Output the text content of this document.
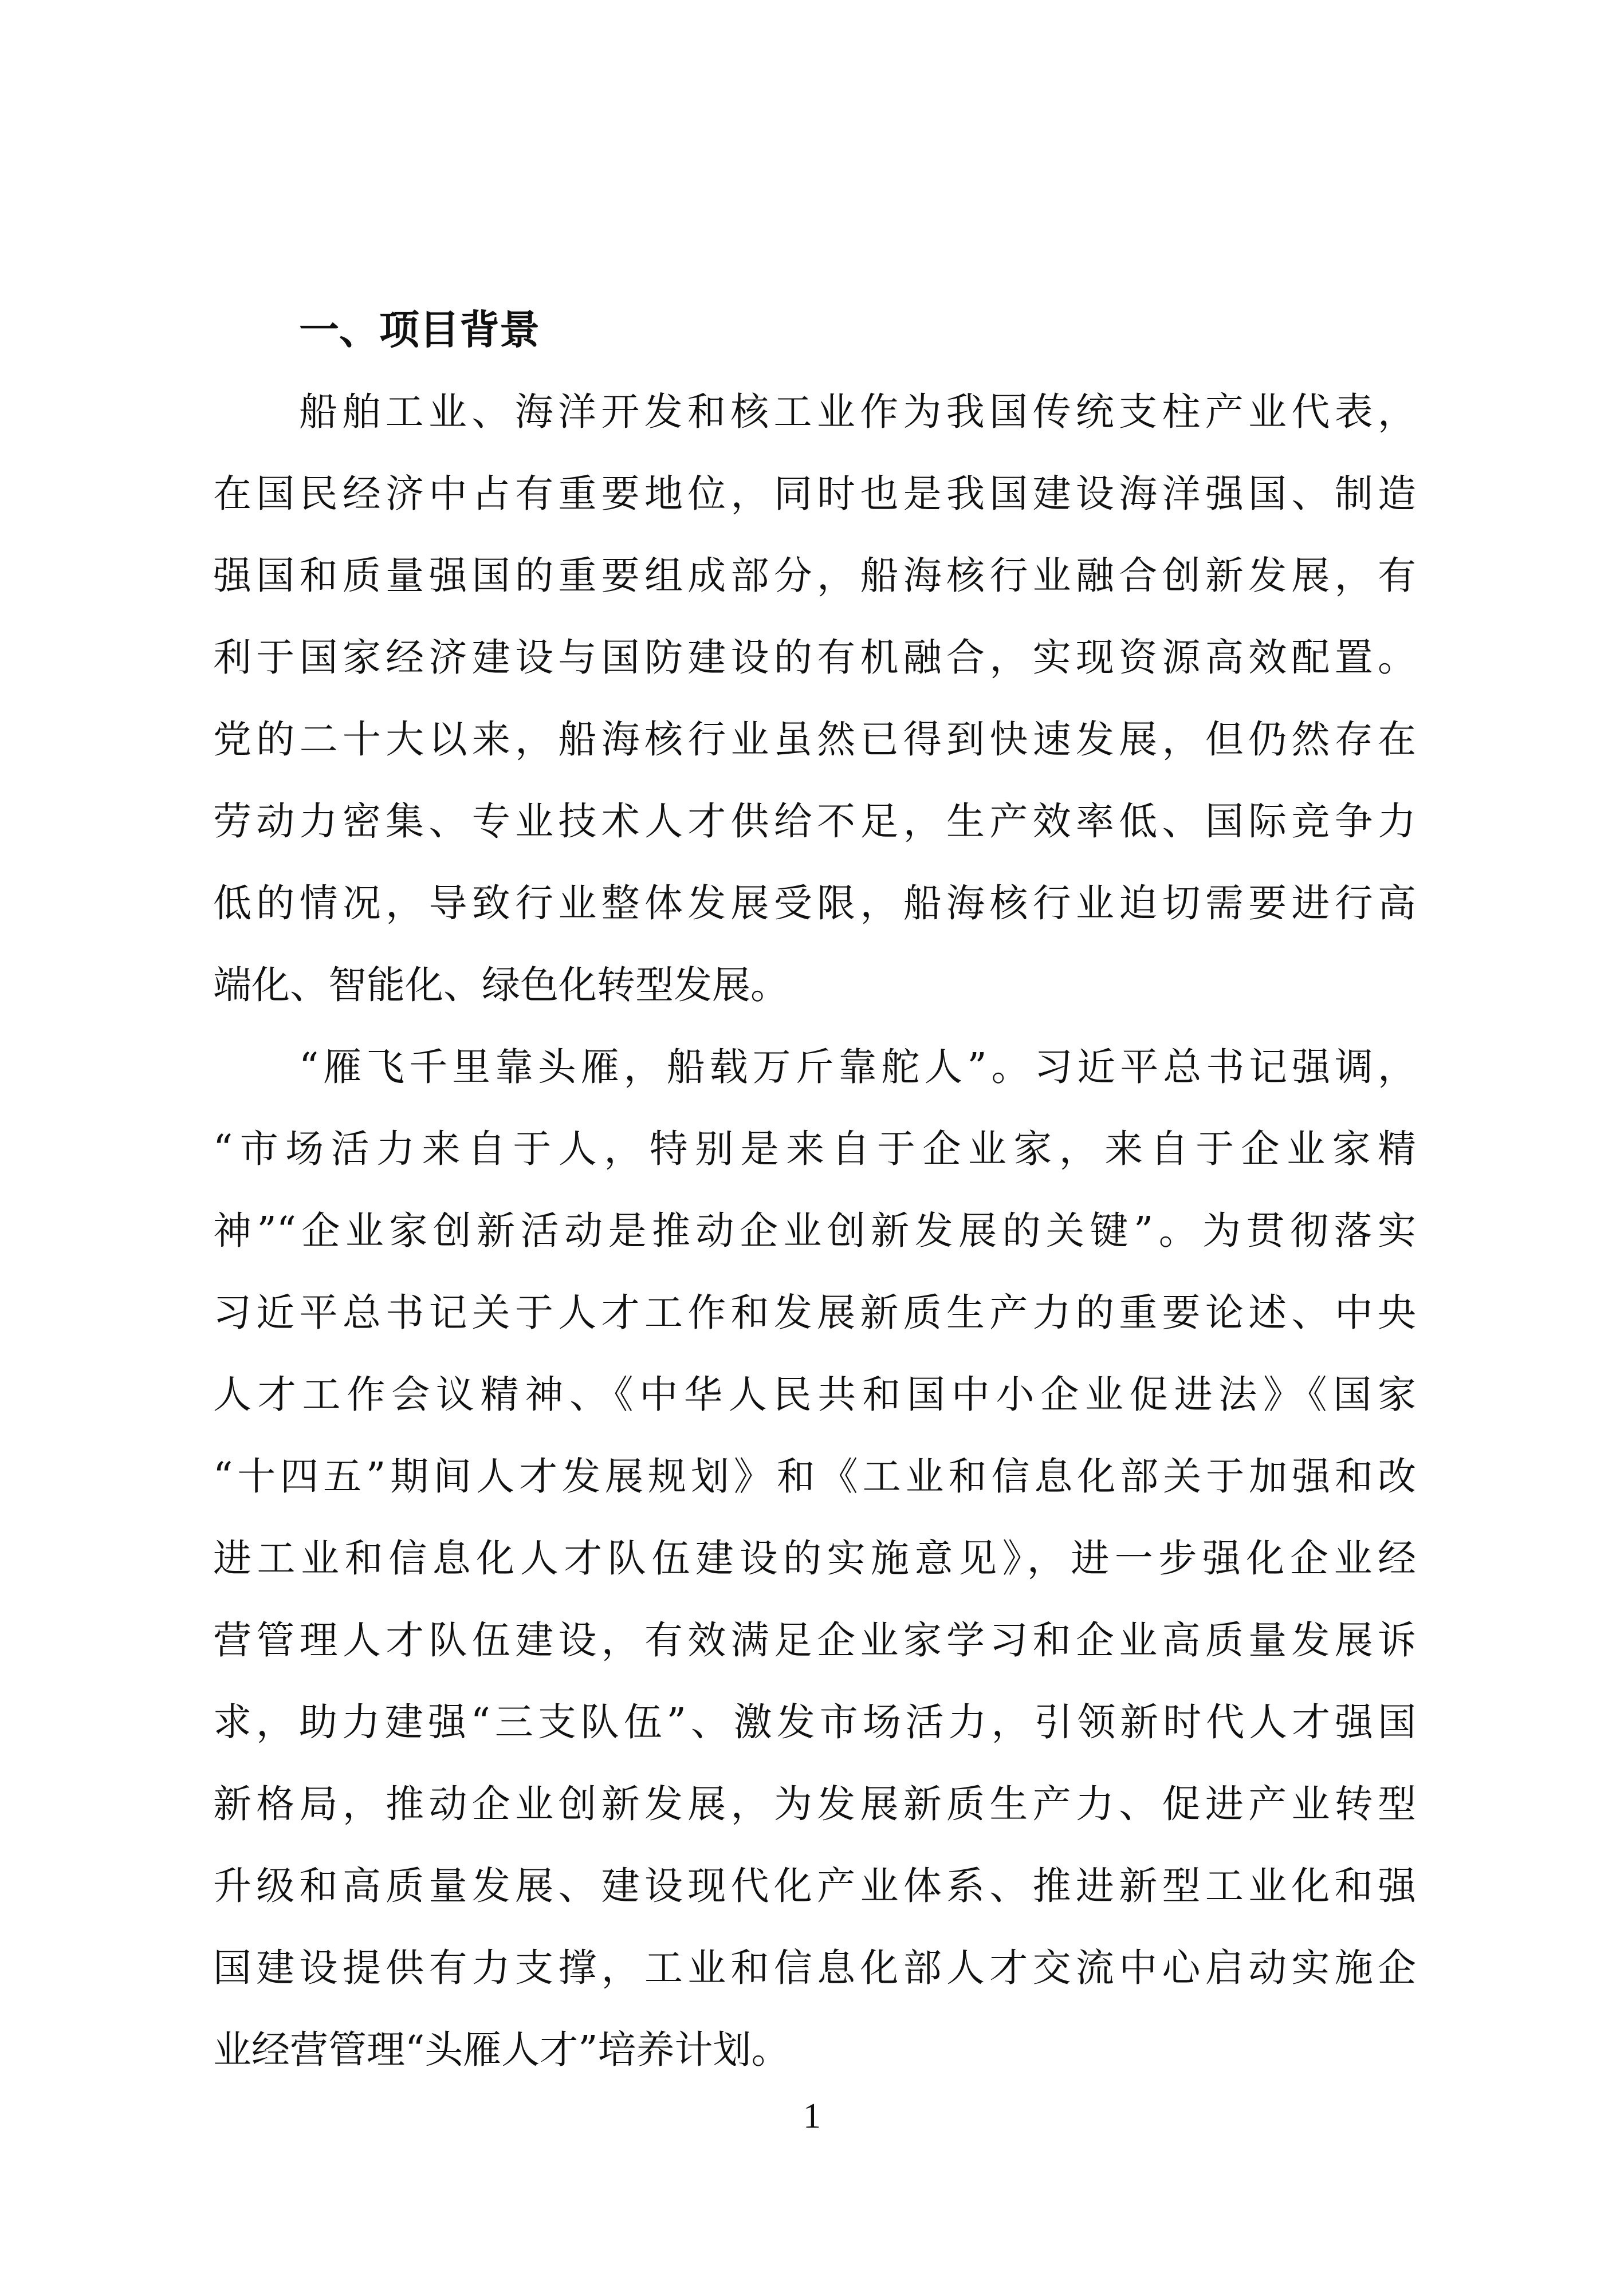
一、项目背景

船舶工业、海洋开发和核工业作为我国传统支柱产业代表，
在国民经济中占有重要地位，同时也是我国建设海洋强国、制造
强国和质量强国的重要组成部分，船海核行业融合创新发展，有
利于国家经济建设与国防建设的有机融合，实现资源高效配置。
党的二十大以来，船海核行业虽然已得到快速发展，但仍然存在
劳动力密集、专业技术人才供给不足，生产效率低、国际竞争力
低的情况，导致行业整体发展受限，船海核行业迫切需要进行高
端化、智能化、绿色化转型发展。

“雁飞千里靠头雁，船载万斤靠舵人”。习近平总书记强调，
“市场活力来自于人，特别是来自于企业家，来自于企业家精
神”“企业家创新活动是推动企业创新发展的关键”。为贯彻落实
习近平总书记关于人才工作和发展新质生产力的重要论述、中央
人才工作会议精神、《中华人民共和国中小企业促进法》《国家
“十四五”期间人才发展规划》和《工业和信息化部关于加强和改
进工业和信息化人才队伍建设的实施意见》，进一步强化企业经
营管理人才队伍建设，有效满足企业家学习和企业高质量发展诉
求，助力建强“三支队伍”、激发市场活力，引领新时代人才强国
新格局，推动企业创新发展，为发展新质生产力、促进产业转型
升级和高质量发展、建设现代化产业体系、推进新型工业化和强
国建设提供有力支撑，工业和信息化部人才交流中心启动实施企
业经营管理“头雁人才”培养计划。

1
